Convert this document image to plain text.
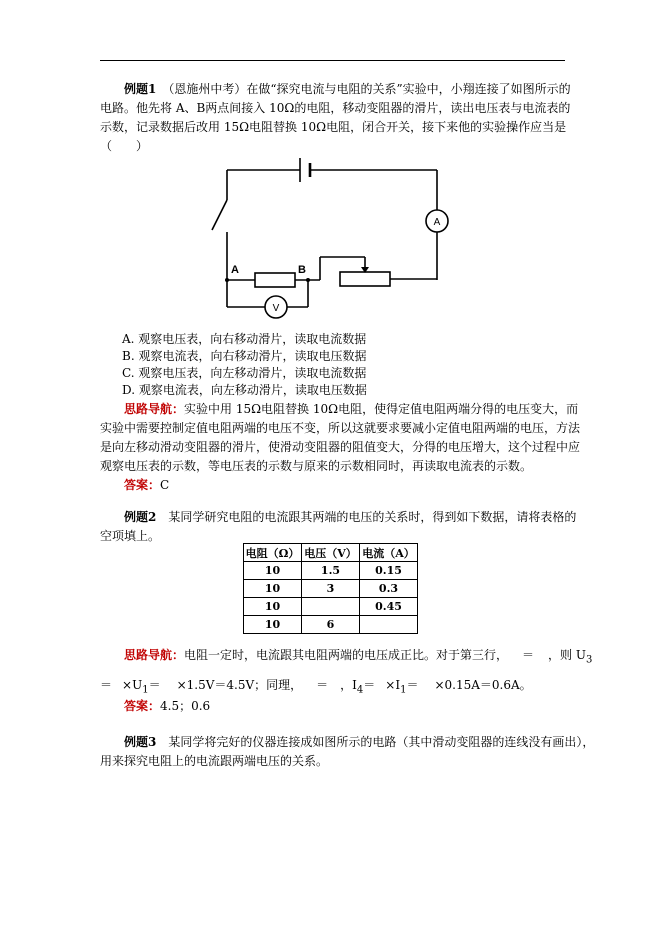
例题1　 （恩施州中考）在做“探究电流与电阻的关系”实验中，小翔连接了如图所示的
电路。他先将 A、B两点间接入 10Ω的电阻，移动变阻器的滑片，读出电压表与电流表的
示数，记录数据后改用 15Ω电阻替换 10Ω电阻，闭合开关，接下来他的实验操作应当是
（　　）
A	B
A
V
A. 观察电压表，向右移动滑片，读取电流数据
B. 观察电流表，向右移动滑片，读取电压数据
C. 观察电压表，向左移动滑片，读取电流数据
D. 观察电流表，向左移动滑片，读取电压数据
思路导航：实验中用 15Ω电阻替换 10Ω电阻，使得定值电阻两端分得的电压变大，而
实验中需要控制定值电阻两端的电压不变，所以这就要求要减小定值电阻两端的电压，方法
是向左移动滑动变阻器的滑片，使滑动变阻器的阻值变大，分得的电压增大，这个过程中应
观察电压表的示数，等电压表的示数与原来的示数相同时，再读取电流表的示数。
答案：C
例题2　 某同学研究电阻的电流跟其两端的电压的关系时，得到如下数据，请将表格的
空项填上。
电阻（Ω）	电压（V）	电流（A）
10	1.5	0.15
10	3	0.3
10		0.45
10	6	
思路导航：电阻一定时，电流跟其电阻两端的电压成正比。对于第三行， ＝ ，则 $U_3$
＝ $\times U_1= \times 1.5V=4.5V$；同理， ＝ ，$I_4= \times I_1= \times 0.15A=0.6A$。
答案：4.5；0.6
例题3　 某同学将完好的仪器连接成如图所示的电路（其中滑动变阻器的连线没有画出），
用来探究电阻上的电流跟两端电压的关系。
